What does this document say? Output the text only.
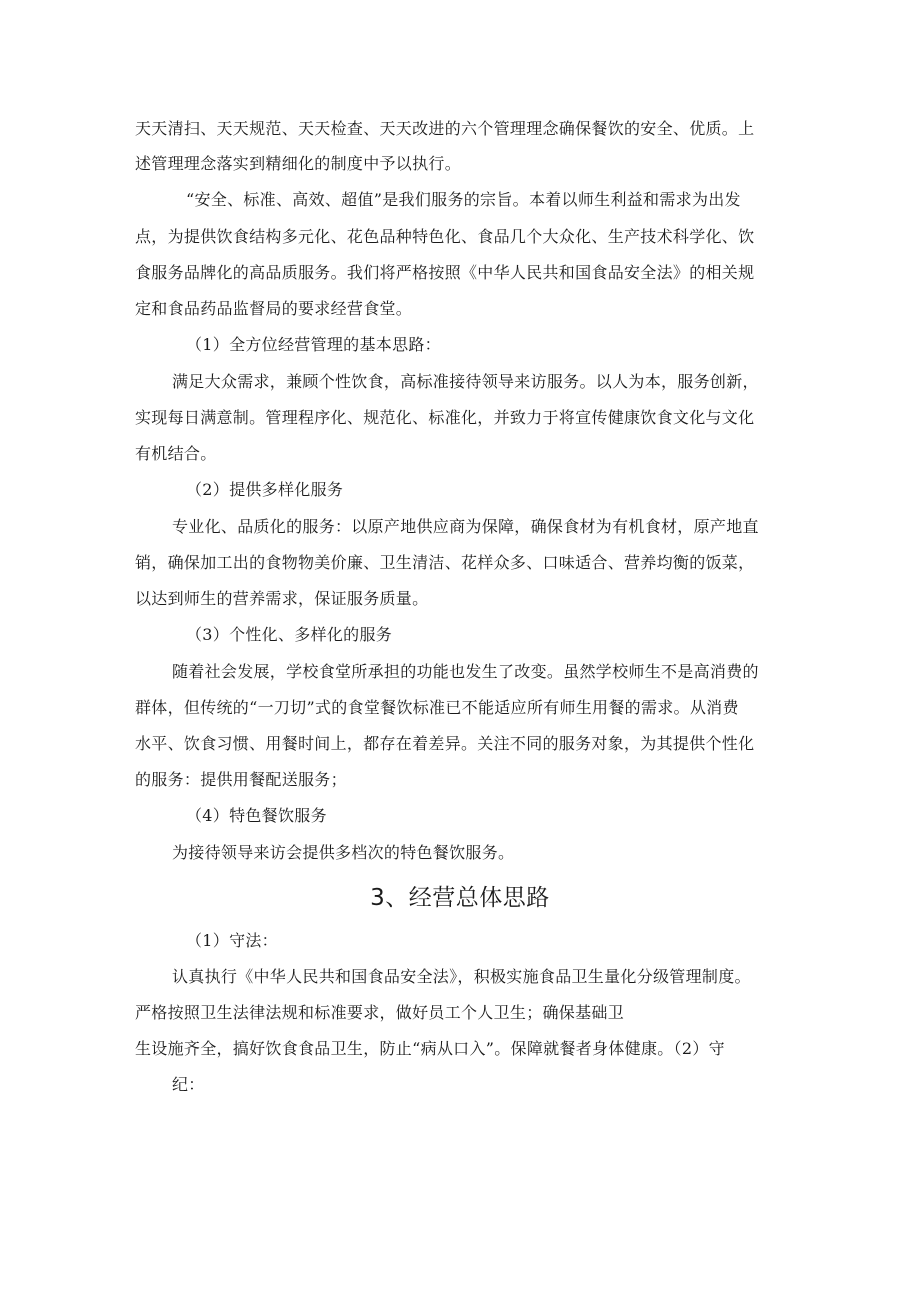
天天清扫、天天规范、天天检查、天天改进的六个管理理念确保餐饮的安全、优质。上
述管理理念落实到精细化的制度中予以执行。
“安全、标准、高效、超值”是我们服务的宗旨。本着以师生利益和需求为出发
点，为提供饮食结构多元化、花色品种特色化、食品几个大众化、生产技术科学化、饮
食服务品牌化的高品质服务。我们将严格按照《中华人民共和国食品安全法》的相关规
定和食品药品监督局的要求经营食堂。
（1）全方位经营管理的基本思路：
满足大众需求，兼顾个性饮食，高标准接待领导来访服务。以人为本，服务创新，
实现每日满意制。管理程序化、规范化、标准化，并致力于将宣传健康饮食文化与文化
有机结合。
（2）提供多样化服务
专业化、品质化的服务：以原产地供应商为保障，确保食材为有机食材，原产地直
销，确保加工出的食物物美价廉、卫生清洁、花样众多、口味适合、营养均衡的饭菜，
以达到师生的营养需求，保证服务质量。
（3）个性化、多样化的服务
随着社会发展，学校食堂所承担的功能也发生了改变。虽然学校师生不是高消费的
群体，但传统的“一刀切”式的食堂餐饮标准已不能适应所有师生用餐的需求。从消费
水平、饮食习惯、用餐时间上，都存在着差异。关注不同的服务对象，为其提供个性化
的服务：提供用餐配送服务；
（4）特色餐饮服务
为接待领导来访会提供多档次的特色餐饮服务。
3、经营总体思路
（1）守法：
认真执行《中华人民共和国食品安全法》，积极实施食品卫生量化分级管理制度。
严格按照卫生法律法规和标准要求，做好员工个人卫生；确保基础卫
生设施齐全，搞好饮食食品卫生，防止“病从口入”。保障就餐者身体健康。（2）守
纪：
